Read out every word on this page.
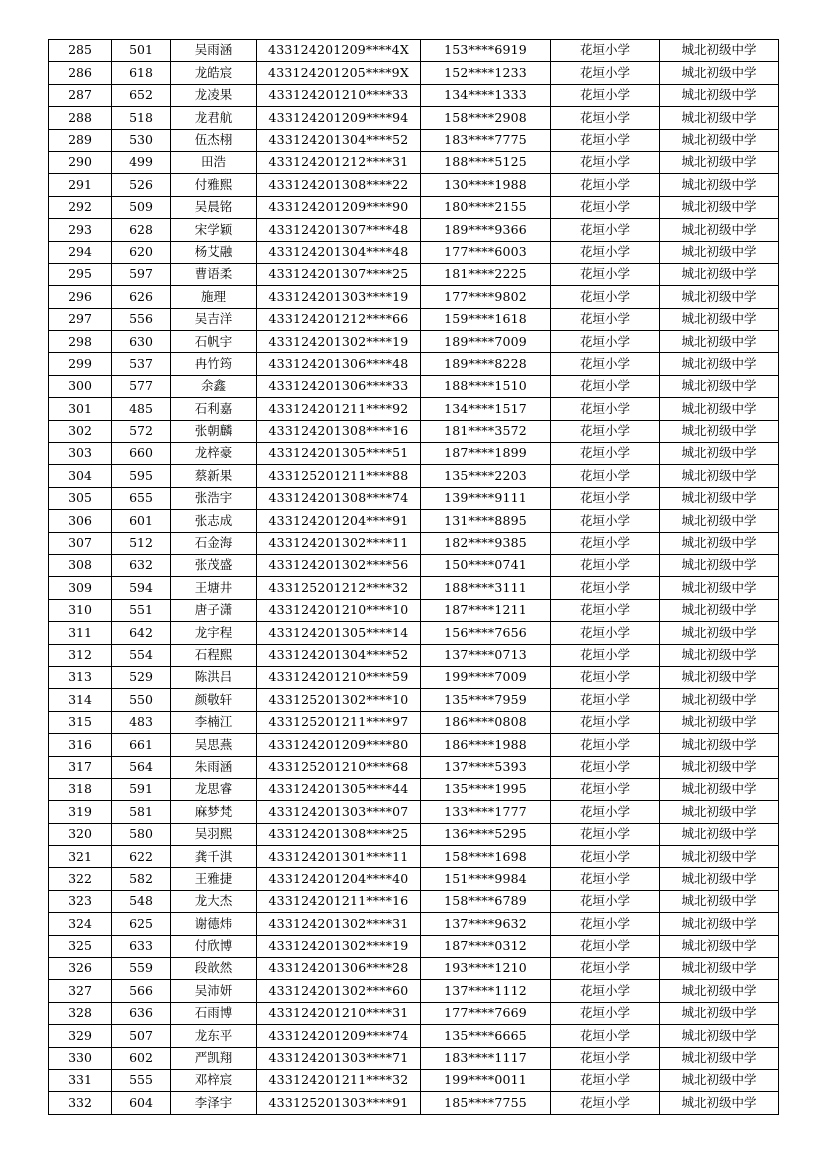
285	501	吴雨涵	433124201209****4X	153****6919	花垣小学	城北初级中学
286	618	龙皓宸	433124201205****9X	152****1233	花垣小学	城北初级中学
287	652	龙凌果	433124201210****33	134****1333	花垣小学	城北初级中学
288	518	龙君航	433124201209****94	158****2908	花垣小学	城北初级中学
289	530	伍杰栩	433124201304****52	183****7775	花垣小学	城北初级中学
290	499	田浩	433124201212****31	188****5125	花垣小学	城北初级中学
291	526	付雅熙	433124201308****22	130****1988	花垣小学	城北初级中学
292	509	吴晨铭	433124201209****90	180****2155	花垣小学	城北初级中学
293	628	宋学颖	433124201307****48	189****9366	花垣小学	城北初级中学
294	620	杨艾融	433124201304****48	177****6003	花垣小学	城北初级中学
295	597	曹语柔	433124201307****25	181****2225	花垣小学	城北初级中学
296	626	施理	433124201303****19	177****9802	花垣小学	城北初级中学
297	556	吴吉洋	433124201212****66	159****1618	花垣小学	城北初级中学
298	630	石帆宇	433124201302****19	189****7009	花垣小学	城北初级中学
299	537	冉竹筠	433124201306****48	189****8228	花垣小学	城北初级中学
300	577	余鑫	433124201306****33	188****1510	花垣小学	城北初级中学
301	485	石利嘉	433124201211****92	134****1517	花垣小学	城北初级中学
302	572	张朝麟	433124201308****16	181****3572	花垣小学	城北初级中学
303	660	龙梓豪	433124201305****51	187****1899	花垣小学	城北初级中学
304	595	蔡新果	433125201211****88	135****2203	花垣小学	城北初级中学
305	655	张浩宇	433124201308****74	139****9111	花垣小学	城北初级中学
306	601	张志成	433124201204****91	131****8895	花垣小学	城北初级中学
307	512	石金海	433124201302****11	182****9385	花垣小学	城北初级中学
308	632	张茂盛	433124201302****56	150****0741	花垣小学	城北初级中学
309	594	王塘井	433125201212****32	188****3111	花垣小学	城北初级中学
310	551	唐子潇	433124201210****10	187****1211	花垣小学	城北初级中学
311	642	龙宇程	433124201305****14	156****7656	花垣小学	城北初级中学
312	554	石程熙	433124201304****52	137****0713	花垣小学	城北初级中学
313	529	陈洪吕	433124201210****59	199****7009	花垣小学	城北初级中学
314	550	颜敬轩	433125201302****10	135****7959	花垣小学	城北初级中学
315	483	李楠江	433125201211****97	186****0808	花垣小学	城北初级中学
316	661	吴思燕	433124201209****80	186****1988	花垣小学	城北初级中学
317	564	朱雨涵	433125201210****68	137****5393	花垣小学	城北初级中学
318	591	龙思睿	433124201305****44	135****1995	花垣小学	城北初级中学
319	581	麻梦梵	433124201303****07	133****1777	花垣小学	城北初级中学
320	580	吴羽熙	433124201308****25	136****5295	花垣小学	城北初级中学
321	622	龚千淇	433124201301****11	158****1698	花垣小学	城北初级中学
322	582	王雅捷	433124201204****40	151****9984	花垣小学	城北初级中学
323	548	龙大杰	433124201211****16	158****6789	花垣小学	城北初级中学
324	625	谢德炜	433124201302****31	137****9632	花垣小学	城北初级中学
325	633	付欣博	433124201302****19	187****0312	花垣小学	城北初级中学
326	559	段歆然	433124201306****28	193****1210	花垣小学	城北初级中学
327	566	吴沛妍	433124201302****60	137****1112	花垣小学	城北初级中学
328	636	石雨博	433124201210****31	177****7669	花垣小学	城北初级中学
329	507	龙东平	433124201209****74	135****6665	花垣小学	城北初级中学
330	602	严凯翔	433124201303****71	183****1117	花垣小学	城北初级中学
331	555	邓梓宸	433124201211****32	199****0011	花垣小学	城北初级中学
332	604	李泽宇	433125201303****91	185****7755	花垣小学	城北初级中学
